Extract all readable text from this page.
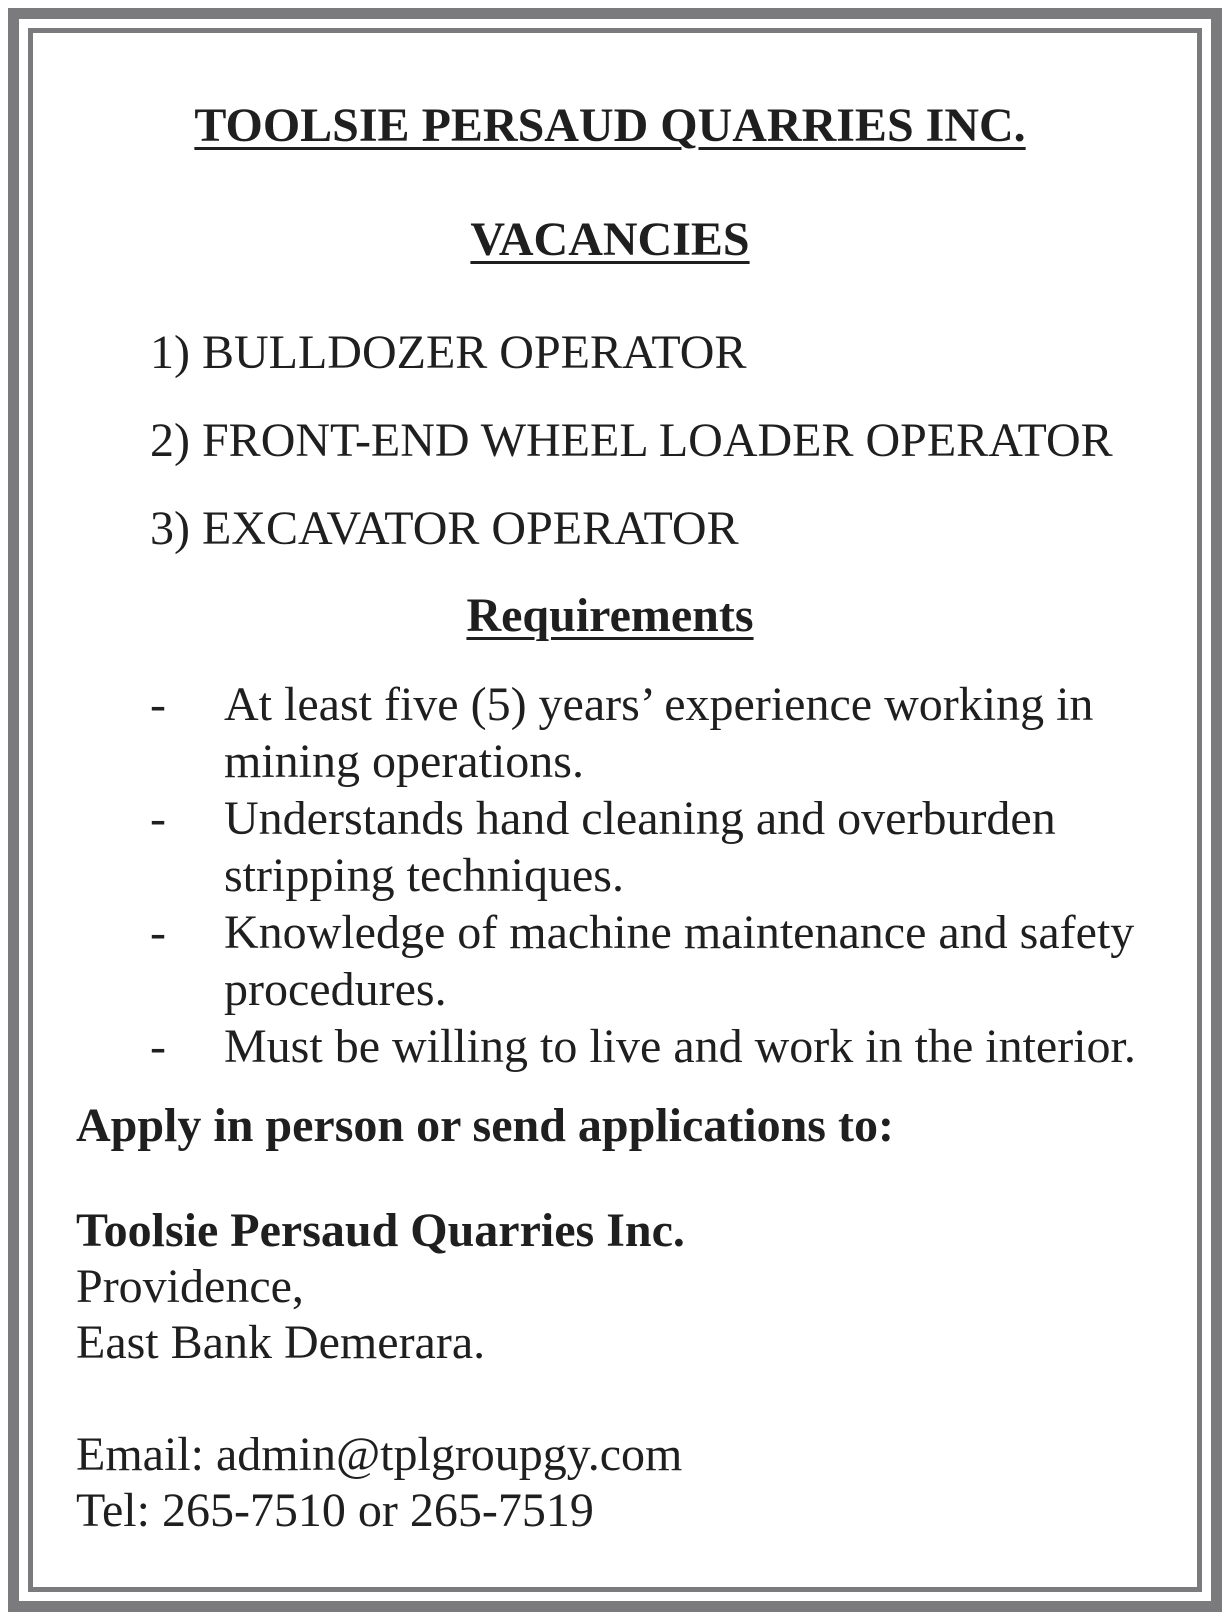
TOOLSIE PERSAUD QUARRIES INC.
VACANCIES
1) BULLDOZER OPERATOR
2) FRONT-END WHEEL LOADER OPERATOR
3) EXCAVATOR OPERATOR
Requirements
- At least five (5) years’ experience working in mining operations.
- Understands hand cleaning and overburden stripping techniques.
- Knowledge of machine maintenance and safety procedures.
- Must be willing to live and work in the interior.
Apply in person or send applications to:
Toolsie Persaud Quarries Inc.
Providence,
East Bank Demerara.
Email: admin@tplgroupgy.com
Tel: 265-7510 or 265-7519
